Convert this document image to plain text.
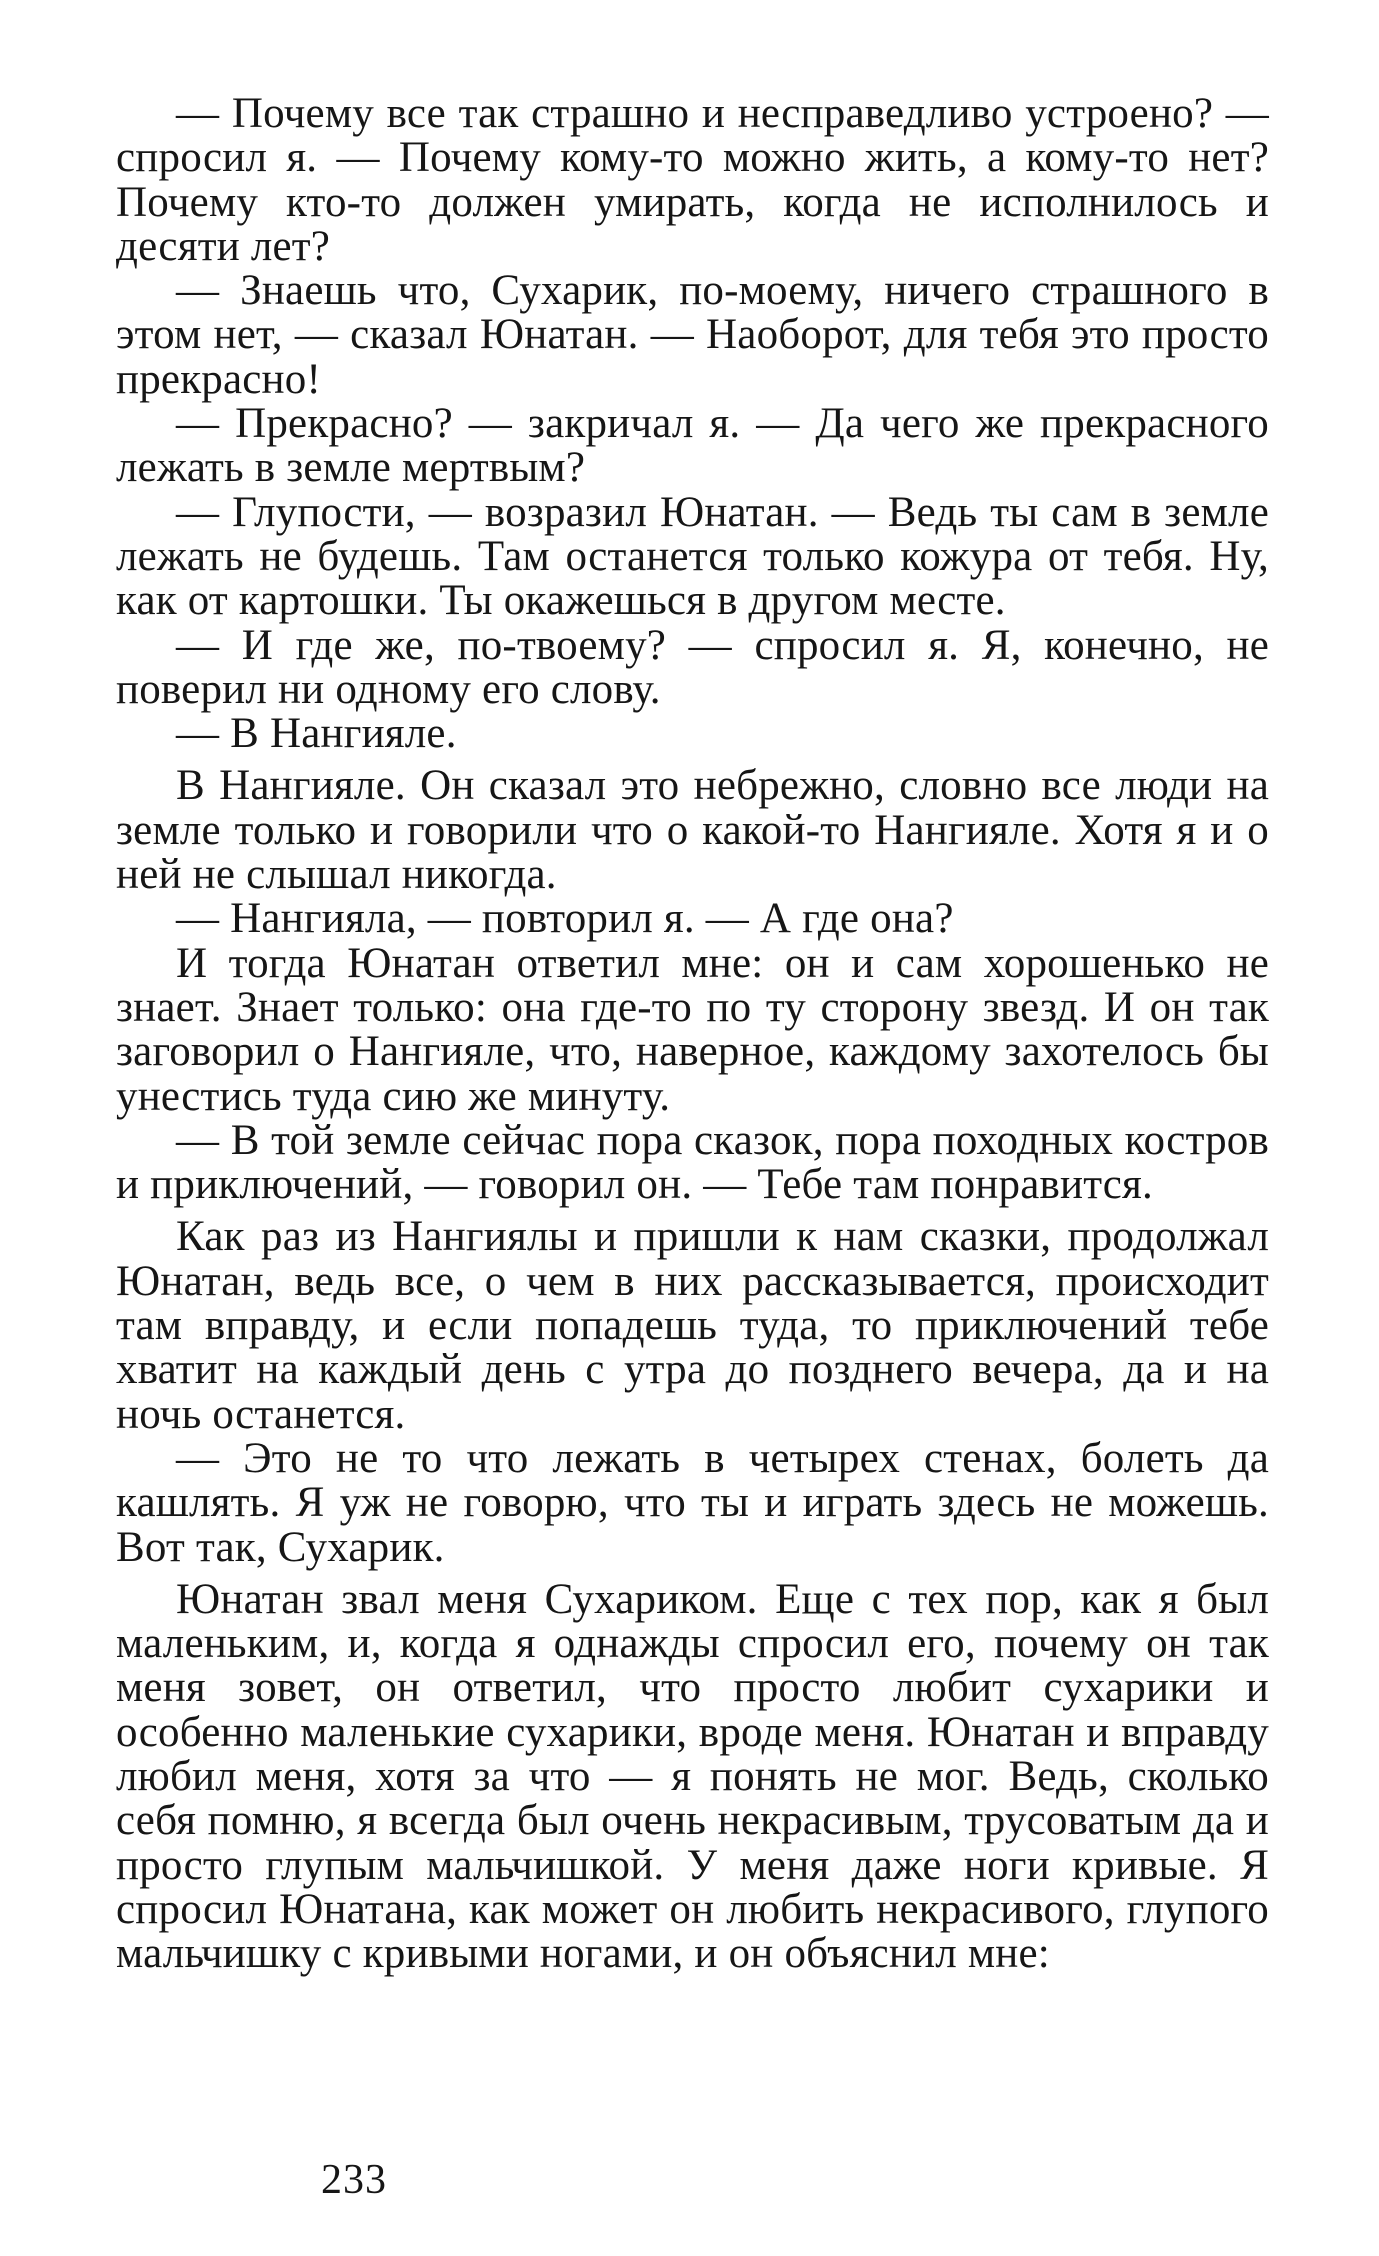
— Почему все так страшно и несправедливо устроено? — спросил я. — Почему кому-то можно жить, а кому-то нет? Почему кто-то должен умирать, когда не исполнилось и десяти лет?

— Знаешь что, Сухарик, по-моему, ничего страшного в этом нет, — сказал Юнатан. — Наоборот, для тебя это просто прекрасно!

— Прекрасно? — закричал я. — Да чего же прекрасного лежать в земле мертвым?

— Глупости, — возразил Юнатан. — Ведь ты сам в земле лежать не будешь. Там останется только кожура от тебя. Ну, как от картошки. Ты окажешься в другом месте.

— И где же, по-твоему? — спросил я. Я, конечно, не поверил ни одному его слову.

— В Нангияле.

В Нангияле. Он сказал это небрежно, словно все люди на земле только и говорили что о какой-то Нангияле. Хотя я и о ней не слышал никогда.

— Нангияла, — повторил я. — А где она?

И тогда Юнатан ответил мне: он и сам хорошенько не знает. Знает только: она где-то по ту сторону звезд. И он так заговорил о Нангияле, что, наверное, каждому захотелось бы унестись туда сию же минуту.

— В той земле сейчас пора сказок, пора походных костров и приключений, — говорил он. — Тебе там понравится.

Как раз из Нангиялы и пришли к нам сказки, продолжал Юнатан, ведь все, о чем в них рассказывается, происходит там вправду, и если попадешь туда, то приключений тебе хватит на каждый день с утра до позднего вечера, да и на ночь останется.

— Это не то что лежать в четырех стенах, болеть да кашлять. Я уж не говорю, что ты и играть здесь не можешь. Вот так, Сухарик.

Юнатан звал меня Сухариком. Еще с тех пор, как я был маленьким, и, когда я однажды спросил его, почему он так меня зовет, он ответил, что просто любит сухарики и особенно маленькие сухарики, вроде меня. Юнатан и вправду любил меня, хотя за что — я понять не мог. Ведь, сколько себя помню, я всегда был очень некрасивым, трусоватым да и просто глупым мальчишкой. У меня даже ноги кривые. Я спросил Юнатана, как может он любить некрасивого, глупого мальчишку с кривыми ногами, и он объяснил мне:

233
